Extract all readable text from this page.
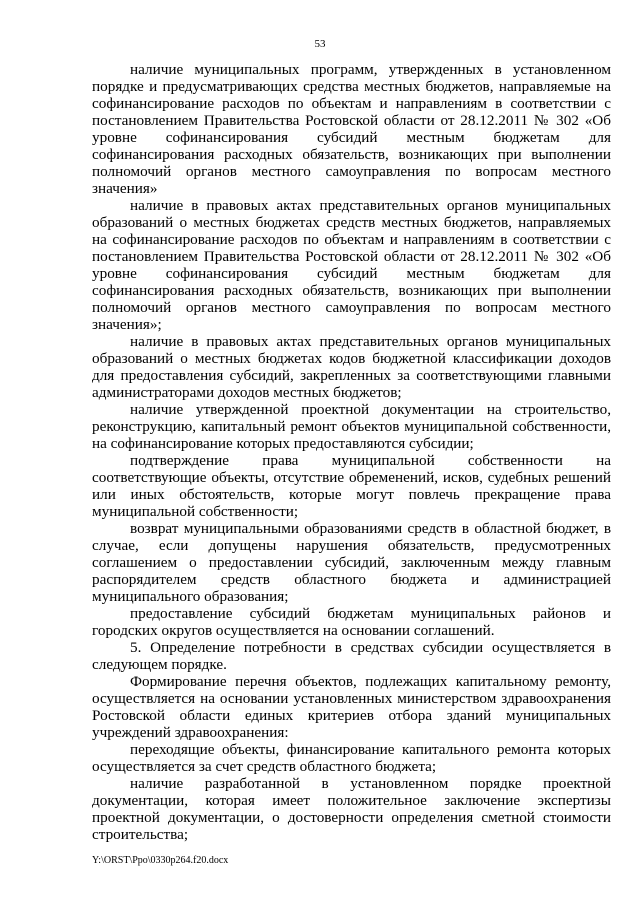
53

наличие муниципальных программ, утвержденных в установленном порядке и предусматривающих средства местных бюджетов, направляемые на софинансирование расходов по объектам и направлениям в соответствии с постановлением Правительства Ростовской области от 28.12.2011 № 302 «Об уровне софинансирования субсидий местным бюджетам для софинансирования расходных обязательств, возникающих при выполнении полномочий органов местного самоуправления по вопросам местного значения»

наличие в правовых актах представительных органов муниципальных образований о местных бюджетах средств местных бюджетов, направляемых на софинансирование расходов по объектам и направлениям в соответствии с постановлением Правительства Ростовской области от 28.12.2011 № 302 «Об уровне софинансирования субсидий местным бюджетам для софинансирования расходных обязательств, возникающих при выполнении полномочий органов местного самоуправления по вопросам местного значения»;

наличие в правовых актах представительных органов муниципальных образований о местных бюджетах кодов бюджетной классификации доходов для предоставления субсидий, закрепленных за соответствующими главными администраторами доходов местных бюджетов;

наличие утвержденной проектной документации на строительство, реконструкцию, капитальный ремонт объектов муниципальной собственности, на софинансирование которых предоставляются субсидии;

подтверждение права муниципальной собственности на соответствующие объекты, отсутствие обременений, исков, судебных решений или иных обстоятельств, которые могут повлечь прекращение права муниципальной собственности;

возврат муниципальными образованиями средств в областной бюджет, в случае, если допущены нарушения обязательств, предусмотренных соглашением о предоставлении субсидий, заключенным между главным распорядителем средств областного бюджета и администрацией муниципального образования;

предоставление субсидий бюджетам муниципальных районов и городских округов осуществляется на основании соглашений.

5. Определение потребности в средствах субсидии осуществляется в следующем порядке.

Формирование перечня объектов, подлежащих капитальному ремонту, осуществляется на основании установленных министерством здравоохранения Ростовской области единых критериев отбора зданий муниципальных учреждений здравоохранения:

переходящие объекты, финансирование капитального ремонта которых осуществляется за счет средств областного бюджета;

наличие разработанной в установленном порядке проектной документации, которая имеет положительное заключение экспертизы проектной документации, о достоверности определения сметной стоимости строительства;

Y:\ORST\Ppo\0330p264.f20.docx
